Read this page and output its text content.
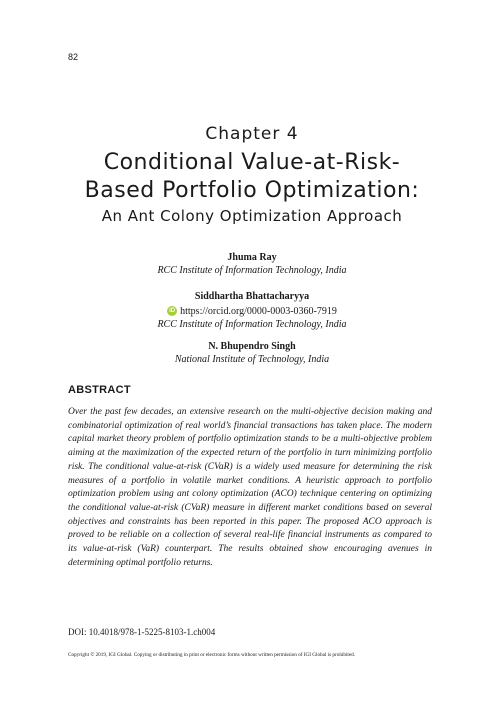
82
Chapter 4
Conditional Value-at-Risk-
Based Portfolio Optimization:
An Ant Colony Optimization Approach
Jhuma Ray
RCC Institute of Information Technology, India
Siddhartha Bhattacharyya
iD https://orcid.org/0000-0003-0360-7919
RCC Institute of Information Technology, India
N. Bhupendro Singh
National Institute of Technology, India
ABSTRACT
Over the past few decades, an extensive research on the multi-objective decision making and combinatorial optimization of real world’s financial transactions has taken place. The modern capital market theory problem of portfolio optimization stands to be a multi-objective problem aiming at the maximization of the expected return of the portfolio in turn minimizing portfolio risk. The conditional value-at-risk (CVaR) is a widely used measure for determining the risk measures of a portfolio in volatile market conditions. A heuristic approach to portfolio optimization problem using ant colony optimization (ACO) technique centering on optimizing the conditional value-at-risk (CVaR) measure in different market conditions based on several objectives and constraints has been reported in this paper. The proposed ACO approach is proved to be reliable on a collection of several real-life financial instruments as compared to its value-at-risk (VaR) counterpart. The results obtained show encouraging avenues in determining optimal portfolio returns.
DOI: 10.4018/978-1-5225-8103-1.ch004
Copyright © 2019, IGI Global. Copying or distributing in print or electronic forms without written permission of IGI Global is prohibited.
